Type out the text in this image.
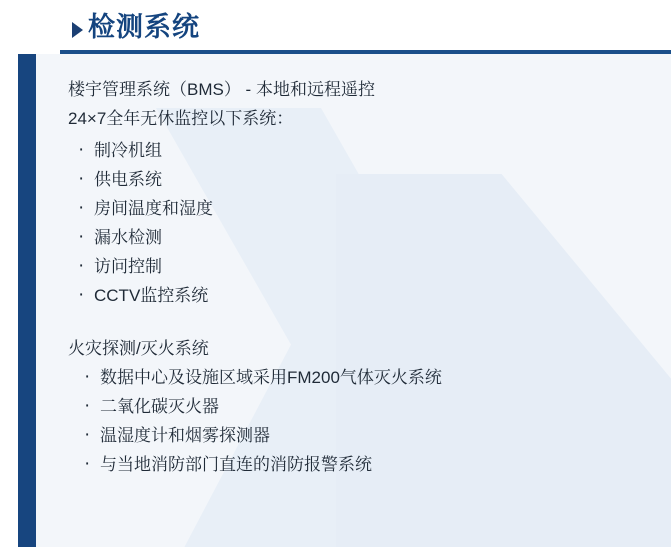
检测系统
楼宇管理系统（BMS） - 本地和远程遥控
24×7全年无休监控以下系统：
· 制冷机组
· 供电系统
· 房间温度和湿度
· 漏水检测
· 访问控制
· CCTV监控系统
火灾探测/灭火系统
· 数据中心及设施区域采用FM200气体灭火系统
· 二氧化碳灭火器
· 温湿度计和烟雾探测器
· 与当地消防部门直连的消防报警系统
